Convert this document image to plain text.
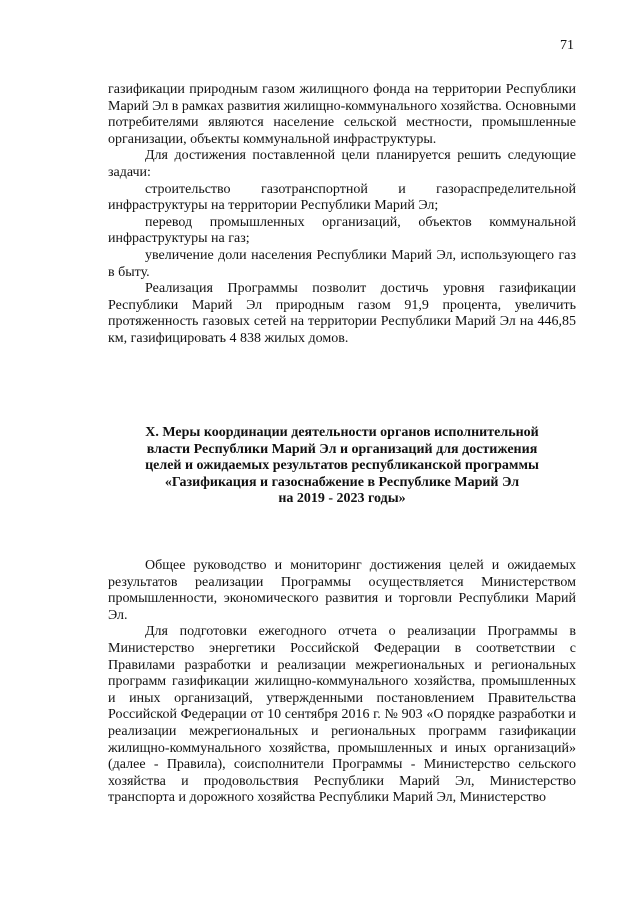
71

газификации природным газом жилищного фонда на территории Республики Марий Эл в рамках развития жилищно-коммунального хозяйства. Основными потребителями являются население сельской местности, промышленные организации, объекты коммунальной инфраструктуры.

Для достижения поставленной цели планируется решить следующие задачи:

строительство газотранспортной и газораспределительной инфраструктуры на территории Республики Марий Эл;

перевод промышленных организаций, объектов коммунальной инфраструктуры на газ;

увеличение доли населения Республики Марий Эл, использующего газ в быту.

Реализация Программы позволит достичь уровня газификации Республики Марий Эл природным газом 91,9 процента, увеличить протяженность газовых сетей на территории Республики Марий Эл на 446,85 км, газифицировать 4 838 жилых домов.

X. Меры координации деятельности органов исполнительной
власти Республики Марий Эл и организаций для достижения
целей и ожидаемых результатов республиканской программы
«Газификация и газоснабжение в Республике Марий Эл
на 2019 - 2023 годы»

Общее руководство и мониторинг достижения целей и ожидаемых результатов реализации Программы осуществляется Министерством промышленности, экономического развития и торговли Республики Марий Эл.

Для подготовки ежегодного отчета о реализации Программы в Министерство энергетики Российской Федерации в соответствии с Правилами разработки и реализации межрегиональных и региональных программ газификации жилищно-коммунального хозяйства, промышленных и иных организаций, утвержденными постановлением Правительства Российской Федерации от 10 сентября 2016 г. № 903 «О порядке разработки и реализации межрегиональных и региональных программ газификации жилищно-коммунального хозяйства, промышленных и иных организаций» (далее - Правила), соисполнители Программы - Министерство сельского хозяйства и продовольствия Республики Марий Эл, Министерство транспорта и дорожного хозяйства Республики Марий Эл, Министерство
